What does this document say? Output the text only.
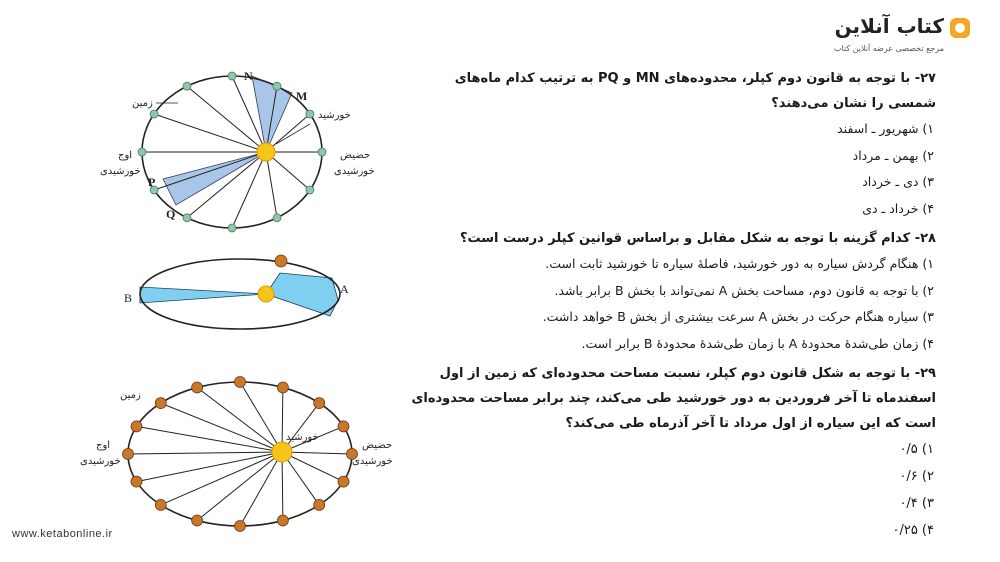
کتاب آنلاین
مرجع تخصصی عرضه آنلاین کتاب
N
M
P
Q
زمین
خورشید
اوج
خورشیدی
حضیض
خورشیدی
A
B
زمین
خورشید
اوج
خورشیدی
حضیض
خورشیدی

۲۷- با توجه به قانون دوم کپلر، محدوده‌های MN و PQ به ترتیب کدام ماه‌های شمسی را نشان می‌دهند؟

۱) شهریور ـ اسفند
۲) بهمن ـ مرداد
۳) دی ـ خرداد
۴) خرداد ـ دی

۲۸- کدام گزینه با توجه به شکل مقابل و براساس قوانین کپلر درست است؟

۱) هنگام گردش سیاره به دور خورشید، فاصلهٔ سیاره تا خورشید ثابت است.
۲) با توجه به قانون دوم، مساحت بخش A نمی‌تواند با بخش B برابر باشد.
۳) سیاره هنگام حرکت در بخش A سرعت بیشتری از بخش B خواهد داشت.
۴) زمان طی‌شدهٔ محدودهٔ A با زمان طی‌شدهٔ محدودهٔ B برابر است.

۲۹- با توجه به شکل قانون دوم کپلر، نسبت مساحت محدوده‌ای که زمین از اول اسفندماه تا آخر فروردین به دور خورشید طی می‌کند، چند برابر مساحت محدوده‌ای است که این سیاره از اول مرداد تا آخر آذرماه طی می‌کند؟

۱) ۰/۵
۲) ۰/۶
۳) ۰/۴
۴) ۰/۲۵
www.ketabonline.ir
